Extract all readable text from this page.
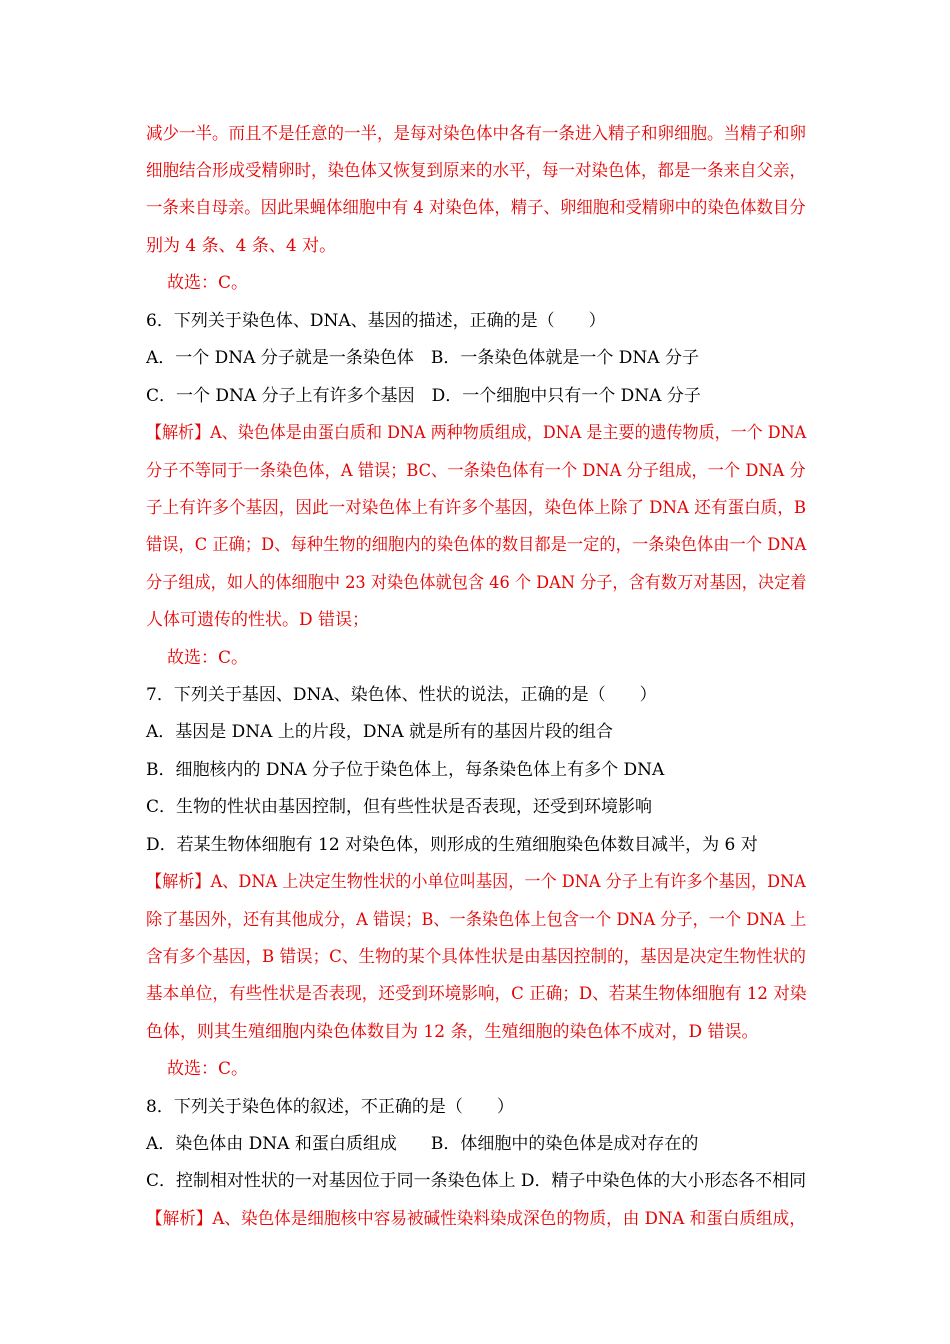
减少一半。而且不是任意的一半，是每对染色体中各有一条进入精子和卵细胞。当精子和卵
细胞结合形成受精卵时，染色体又恢复到原来的水平，每一对染色体，都是一条来自父亲，
一条来自母亲。因此果蝇体细胞中有 4 对染色体，精子、卵细胞和受精卵中的染色体数目分
别为 4 条、4 条、4 对。
故选：C。
6．下列关于染色体、DNA、基因的描述，正确的是（　　）
A．一个 DNA 分子就是一条染色体　B．一条染色体就是一个 DNA 分子
C．一个 DNA 分子上有许多个基因　D．一个细胞中只有一个 DNA 分子
【解析】A、染色体是由蛋白质和 DNA 两种物质组成，DNA 是主要的遗传物质，一个 DNA
分子不等同于一条染色体，A 错误；BC、一条染色体有一个 DNA 分子组成，一个 DNA 分
子上有许多个基因，因此一对染色体上有许多个基因，染色体上除了 DNA 还有蛋白质，B
错误，C 正确；D、每种生物的细胞内的染色体的数目都是一定的，一条染色体由一个 DNA
分子组成，如人的体细胞中 23 对染色体就包含 46 个 DAN 分子，含有数万对基因，决定着
人体可遗传的性状。D 错误；
故选：C。
7．下列关于基因、DNA、染色体、性状的说法，正确的是（　　）
A．基因是 DNA 上的片段，DNA 就是所有的基因片段的组合
B．细胞核内的 DNA 分子位于染色体上，每条染色体上有多个 DNA
C．生物的性状由基因控制，但有些性状是否表现，还受到环境影响
D．若某生物体细胞有 12 对染色体，则形成的生殖细胞染色体数目减半，为 6 对
【解析】A、DNA 上决定生物性状的小单位叫基因，一个 DNA 分子上有许多个基因，DNA
除了基因外，还有其他成分，A 错误；B、一条染色体上包含一个 DNA 分子，一个 DNA 上
含有多个基因，B 错误；C、生物的某个具体性状是由基因控制的，基因是决定生物性状的
基本单位，有些性状是否表现，还受到环境影响，C 正确；D、若某生物体细胞有 12 对染
色体，则其生殖细胞内染色体数目为 12 条，生殖细胞的染色体不成对，D 错误。
故选：C。
8．下列关于染色体的叙述，不正确的是（　　）
A．染色体由 DNA 和蛋白质组成　　B．体细胞中的染色体是成对存在的
C．控制相对性状的一对基因位于同一条染色体上 D．精子中染色体的大小形态各不相同
【解析】A、染色体是细胞核中容易被碱性染料染成深色的物质，由 DNA 和蛋白质组成，
